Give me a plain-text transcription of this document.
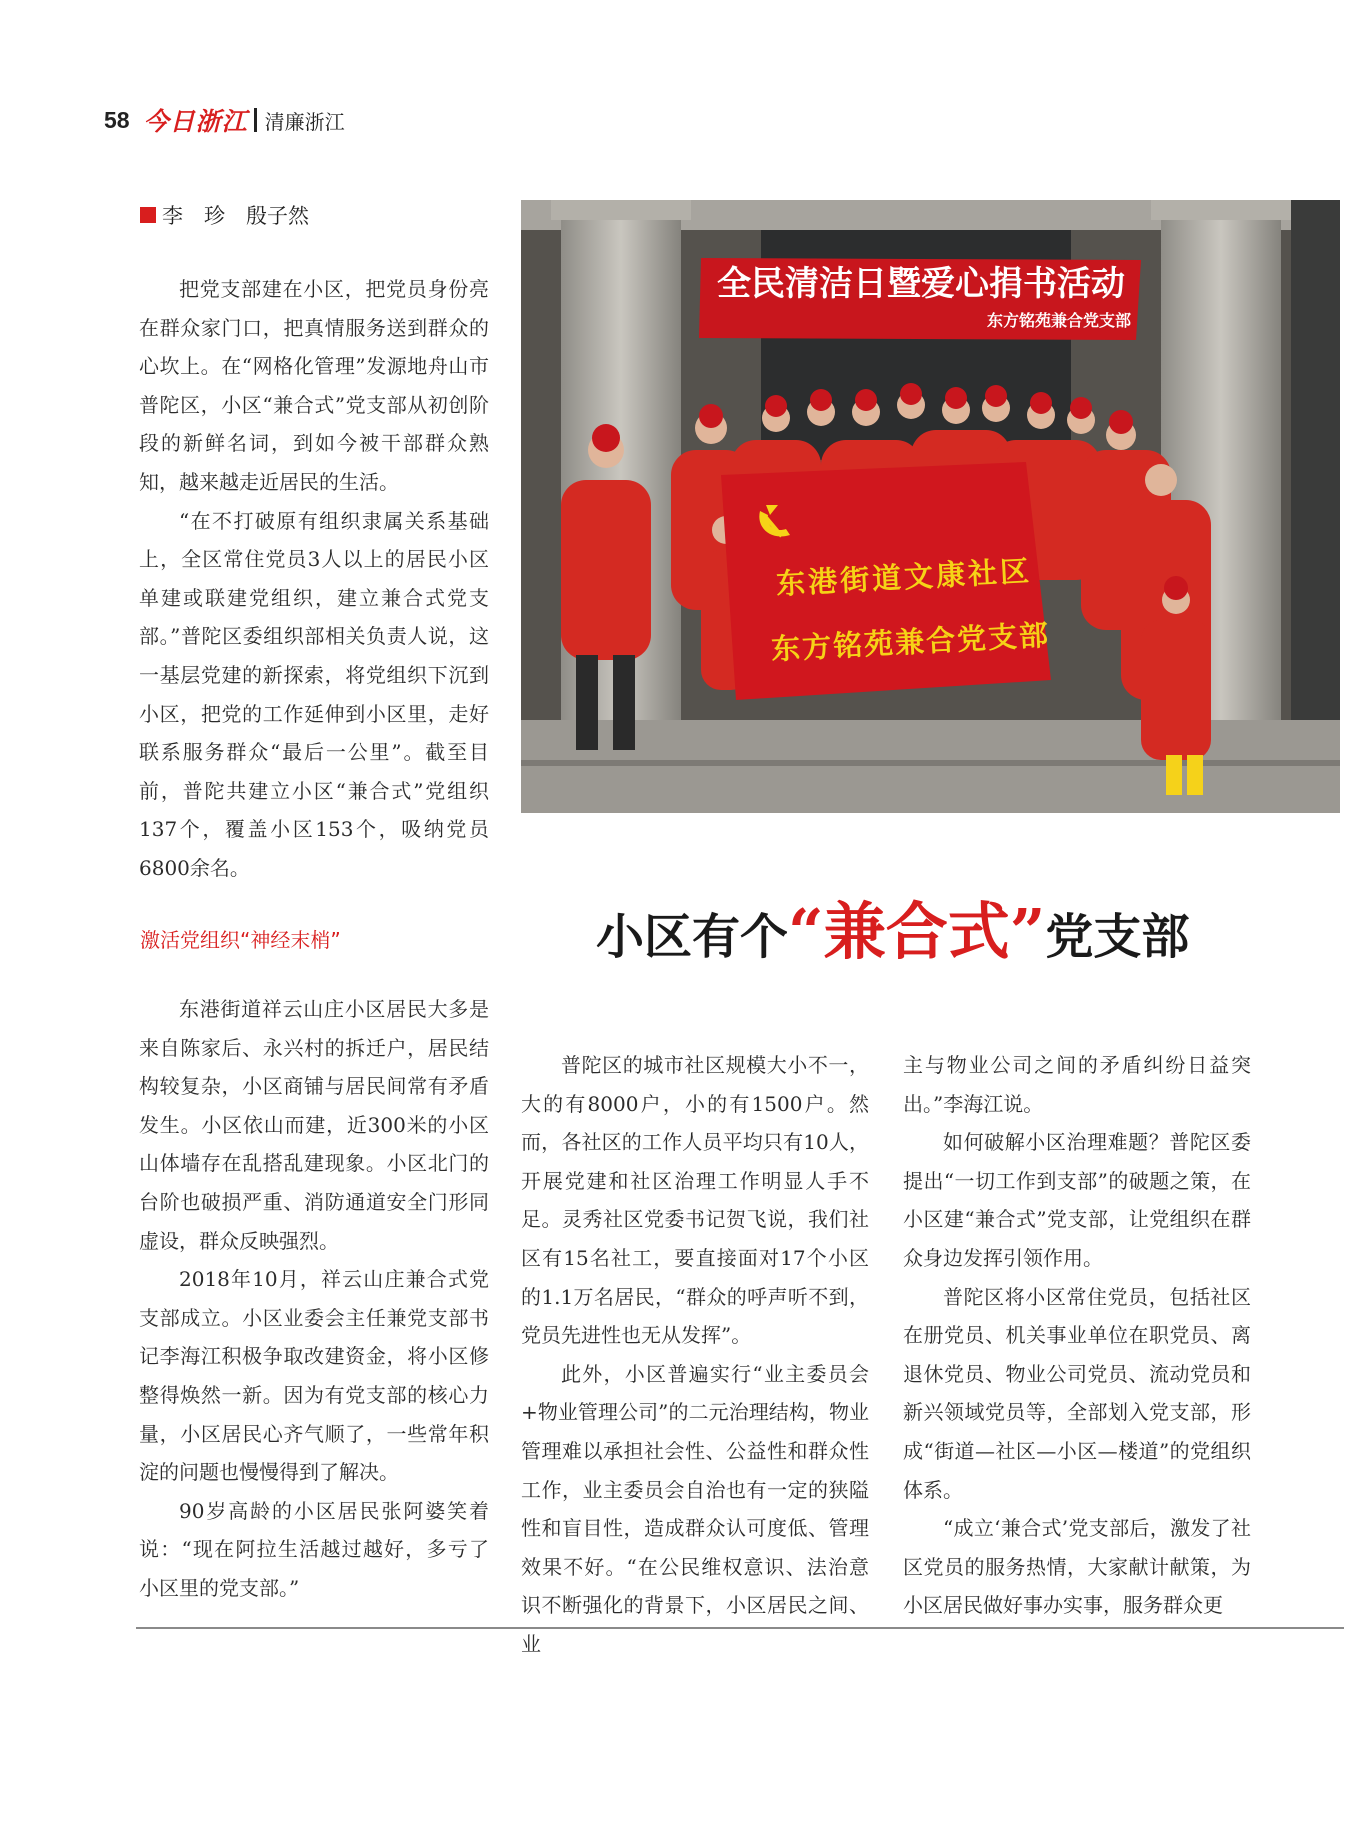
58 今日浙江 清廉浙江
李　珍　殷子然
全民清洁日暨爱心捐书活动
东方铭苑兼合党支部
东港街道文康社区
东方铭苑兼合党支部

把党支部建在小区，把党员身份亮在群众家门口，把真情服务送到群众的心坎上。在“网格化管理”发源地舟山市普陀区，小区“兼合式”党支部从初创阶段的新鲜名词，到如今被干部群众熟知，越来越走近居民的生活。

“在不打破原有组织隶属关系基础上，全区常住党员3人以上的居民小区单建或联建党组织，建立兼合式党支部。”普陀区委组织部相关负责人说，这一基层党建的新探索，将党组织下沉到小区，把党的工作延伸到小区里，走好联系服务群众“最后一公里”。截至目前，普陀共建立小区“兼合式”党组织137个，覆盖小区153个，吸纳党员6800余名。

激活党组织“神经末梢”	小区有个“兼合式”党支部

东港街道祥云山庄小区居民大多是来自陈家后、永兴村的拆迁户，居民结构较复杂，小区商铺与居民间常有矛盾发生。小区依山而建，近300米的小区山体墙存在乱搭乱建现象。小区北门的台阶也破损严重、消防通道安全门形同虚设，群众反映强烈。

2018年10月，祥云山庄兼合式党支部成立。小区业委会主任兼党支部书记李海江积极争取改建资金，将小区修整得焕然一新。因为有党支部的核心力量，小区居民心齐气顺了，一些常年积淀的问题也慢慢得到了解决。

90岁高龄的小区居民张阿婆笑着说：“现在阿拉生活越过越好，多亏了小区里的党支部。”

普陀区的城市社区规模大小不一，大的有8000户，小的有1500户。然而，各社区的工作人员平均只有10人，开展党建和社区治理工作明显人手不足。灵秀社区党委书记贺飞说，我们社区有15名社工，要直接面对17个小区的1.1万名居民，“群众的呼声听不到，党员先进性也无从发挥”。

此外，小区普遍实行“业主委员会+物业管理公司”的二元治理结构，物业管理难以承担社会性、公益性和群众性工作，业主委员会自治也有一定的狭隘性和盲目性，造成群众认可度低、管理效果不好。“在公民维权意识、法治意识不断强化的背景下，小区居民之间、业

主与物业公司之间的矛盾纠纷日益突出。”李海江说。

如何破解小区治理难题？普陀区委提出“一切工作到支部”的破题之策，在小区建“兼合式”党支部，让党组织在群众身边发挥引领作用。

普陀区将小区常住党员，包括社区在册党员、机关事业单位在职党员、离退休党员、物业公司党员、流动党员和新兴领域党员等，全部划入党支部，形成“街道—社区—小区—楼道”的党组织体系。

“成立‘兼合式’党支部后，激发了社区党员的服务热情，大家献计献策，为小区居民做好事办实事，服务群众更
